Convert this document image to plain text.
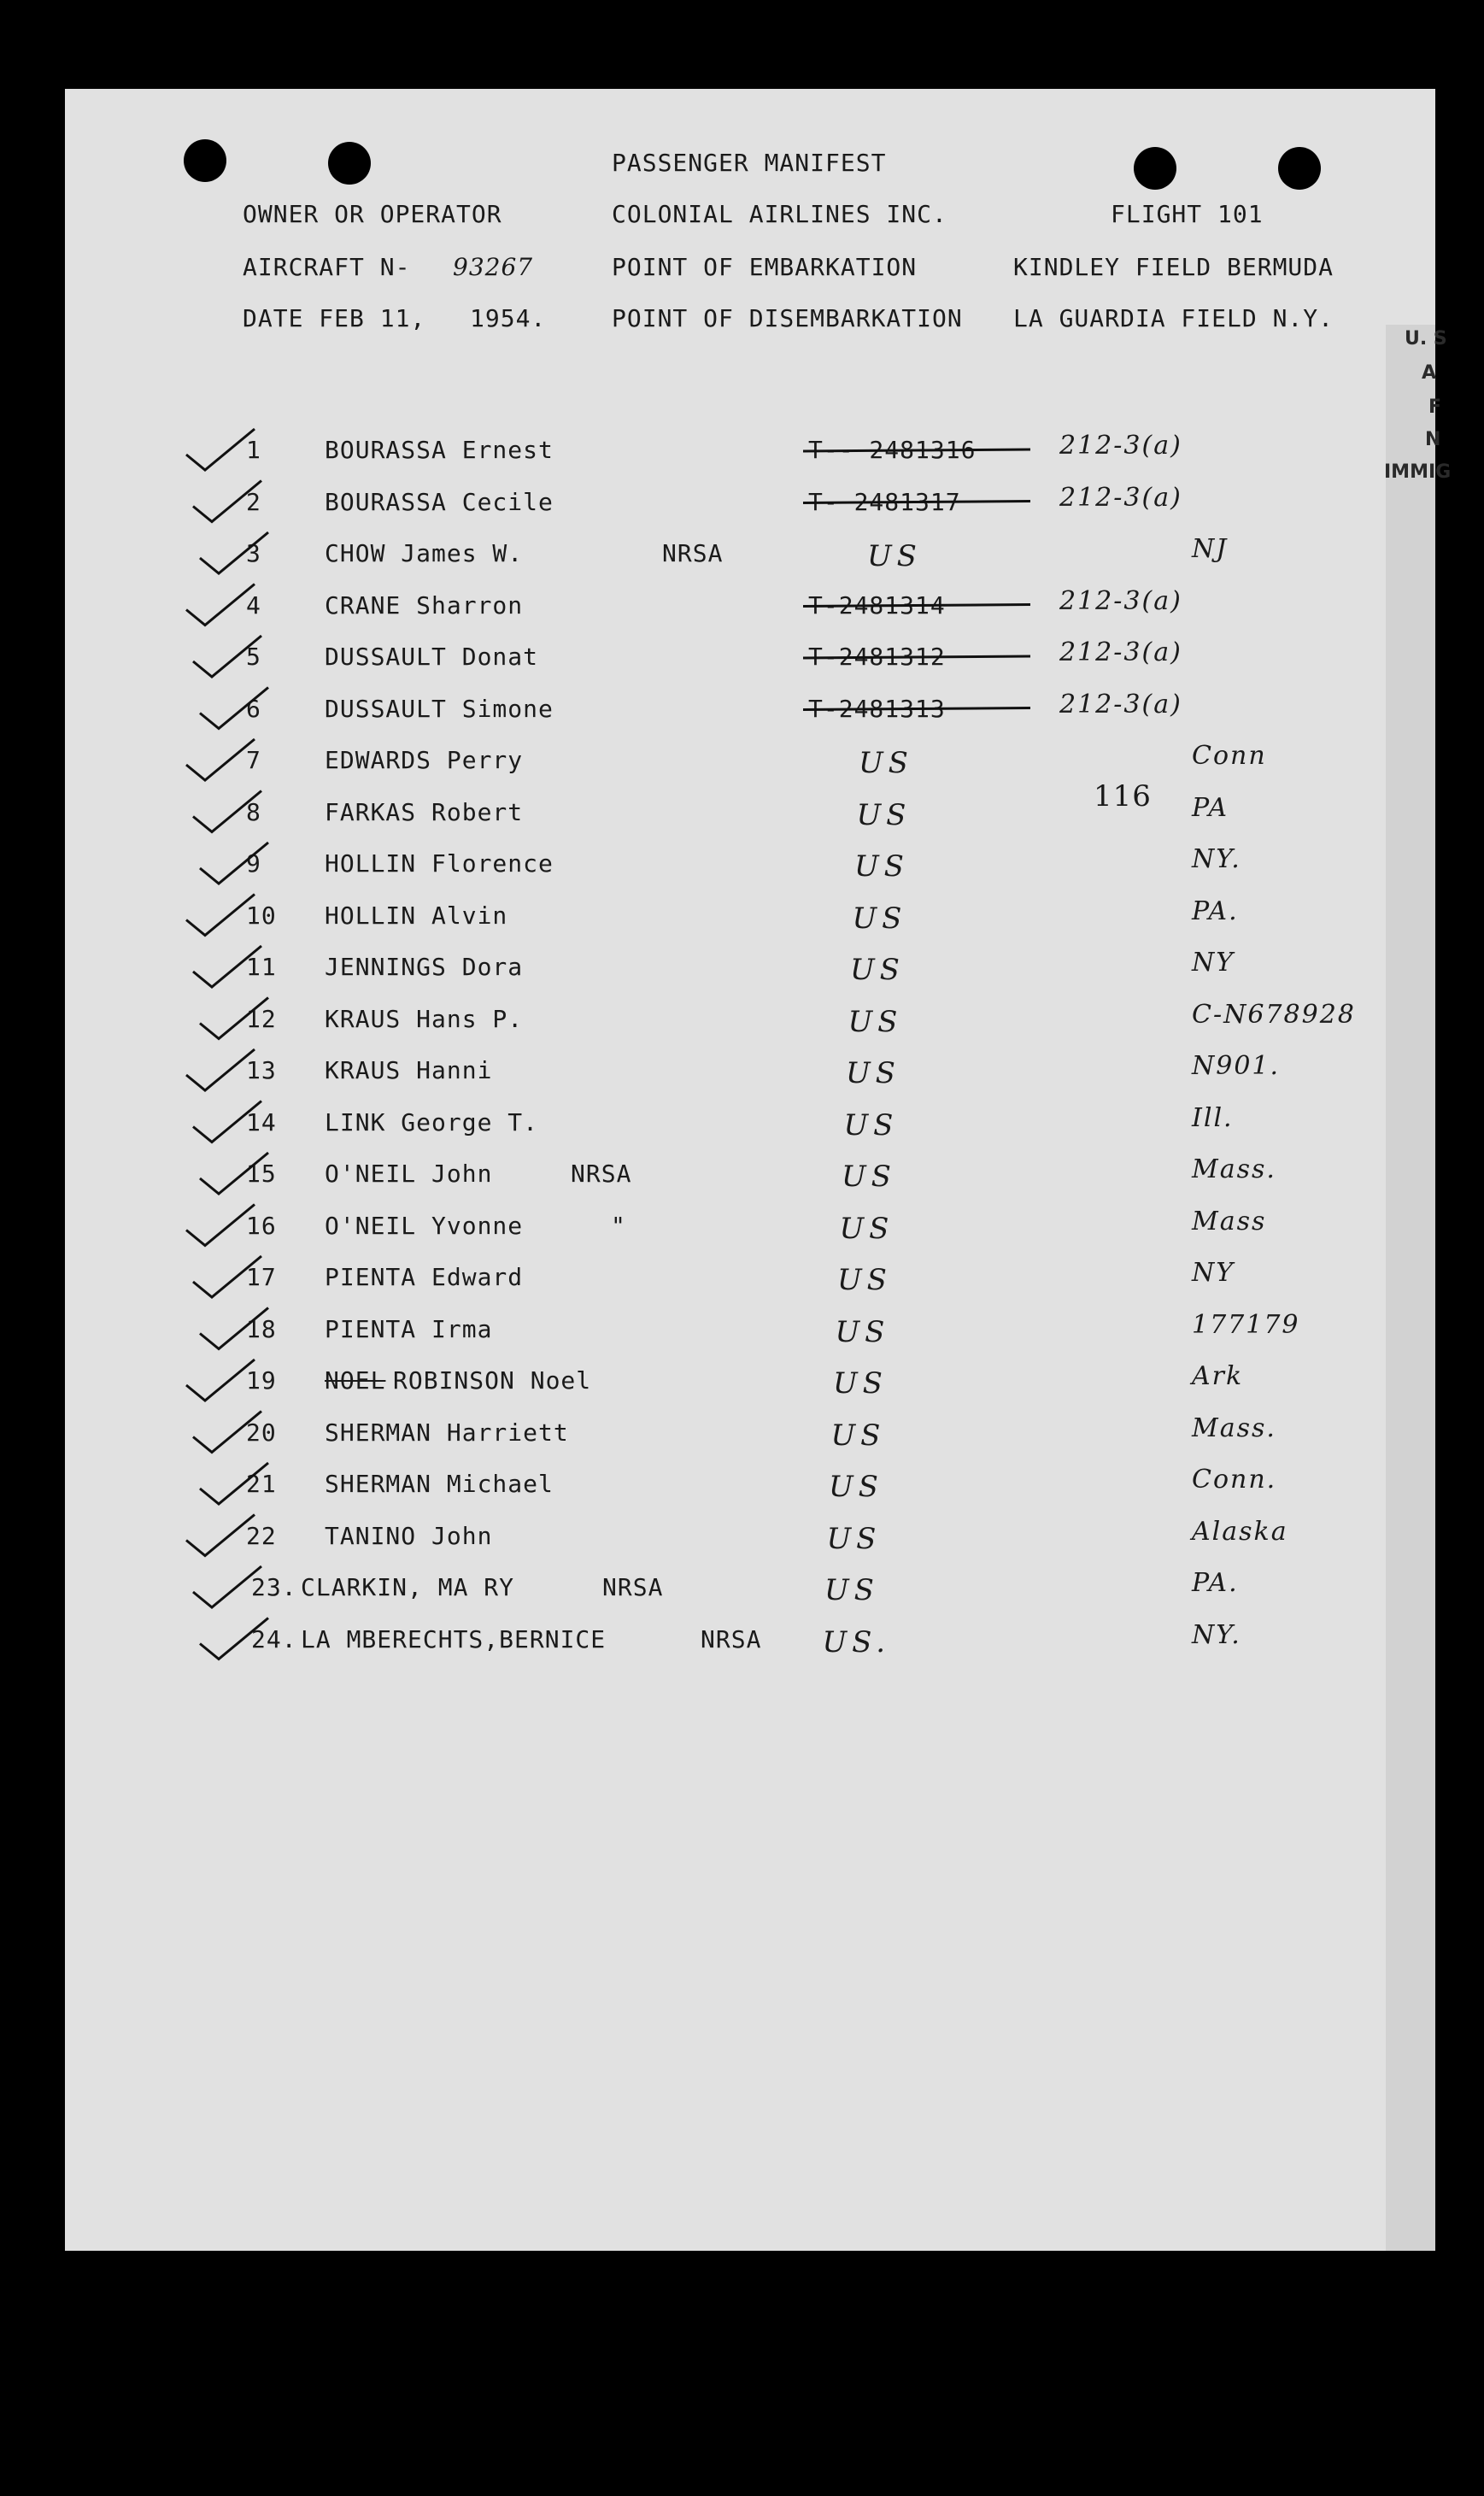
PASSENGER MANIFEST
OWNER OR OPERATOR	COLONIAL AIRLINES INC.	FLIGHT 101
AIRCRAFT N- 93267	POINT OF EMBARKATION	KINDLEY FIELD BERMUDA
DATE FEB 11, 1954.	POINT OF DISEMBARKATION LA GUARDIA FIELD N.Y.
U. S
A
F
N
IMMIG
116
1	BOURASSA Ernest	T-- 2481316	212-3(a)
2	BOURASSA Cecile	T- 2481317	212-3(a)
3	CHOW James W.	NRSA	US	NJ
4	CRANE Sharron	T-2481314	212-3(a)
5	DUSSAULT Donat	T-2481312	212-3(a)
6	DUSSAULT Simone	T-2481313	212-3(a)
7	EDWARDS Perry	US	Conn
8	FARKAS Robert	US	PA
9	HOLLIN Florence	US	NY.
10 HOLLIN Alvin	US	PA.
11 JENNINGS Dora	US	NY
12 KRAUS Hans P.	US	C-N678928
13 KRAUS Hanni	US	N901.
14 LINK George T.	US	Ill.
15 O'NEIL John	NRSA	US	Mass.
16 O'NEIL Yvonne	"	US	Mass
17 PIENTA Edward	US	NY
18 PIENTA Irma	US	177179
19 NOEL ROBINSON Noel	US	Ark
20 SHERMAN Harriett	US	Mass.
21 SHERMAN Michael	US	Conn.
22 TANINO John	US	Alaska
23. CLARKIN, MA RY	NRSA	US	PA.
24. LA MBERECHTS,BERNICE	NRSA US.	NY.
